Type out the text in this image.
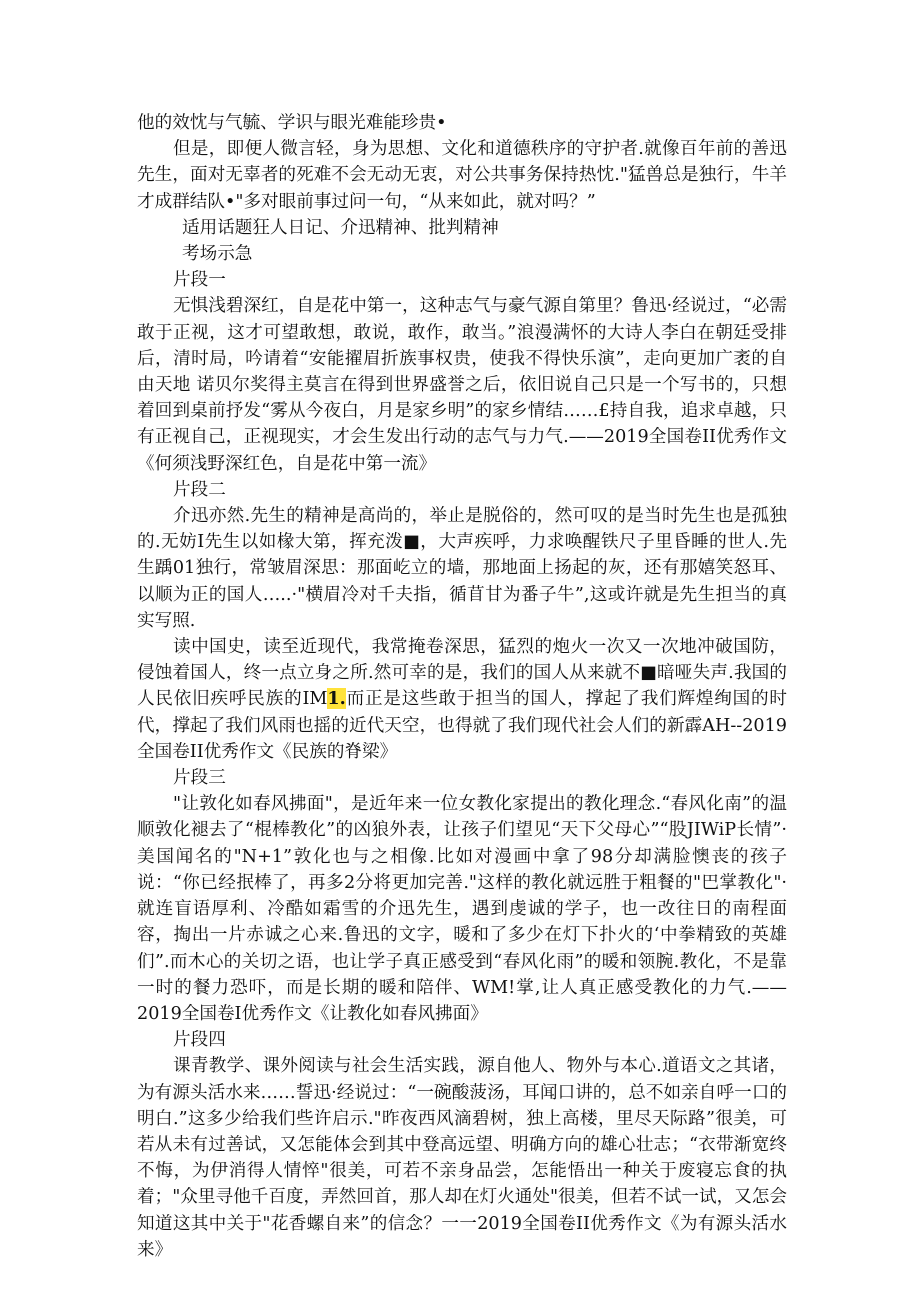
他的效忱与气毓、学识与眼光难能珍贵•

但是，即便人微言轻，身为思想、文化和道德秩序的守护者.就像百年前的善迅先生，面对无辜者的死难不会无动无衷，对公共事务保持热忱."猛兽总是独行，牛羊才成群结队•"多对眼前事过问一句，“从来如此，就对吗？”

适用话题狂人日记、介迅精神、批判精神

考场示急

片段一

无惧浅碧深红，自是花中第一，这种志气与豪气源自第里？鲁迅·经说过，“必需敢于正视，这才可望敢想，敢说，敢作，敢当。”浪漫满怀的大诗人李白在朝廷受排后，清时局，吟请着“安能擢眉折族事权贵，使我不得快乐演”，走向更加广袤的自由天地 诺贝尔奖得主莫言在得到世界盛誉之后，依旧说自己只是一个写书的，只想着回到桌前抒发“雾从今夜白，月是家乡明”的家乡情结……£持自我，追求卓越，只有正视自己，正视现实，才会生发出行动的志气与力气.——2019全国卷II优秀作文《何须浅野深红色，自是花中第一流》

片段二

介迅亦然.先生的精神是高尚的，举止是脱俗的，然可叹的是当时先生也是孤独的.无妨I先生以如椽大第，挥充泼■，大声疾呼，力求唤醒铁尺子里昏睡的世人.先生踽01独行，常皱眉深思：那面屹立的墙，那地面上扬起的灰，还有那嬉笑怒耳、以顺为正的国人…..·"横眉冷对千夫指，循苜甘为番子牛”,这或许就是先生担当的真实写照.

读中国史，读至近现代，我常掩卷深思，猛烈的炮火一次又一次地冲破国防，侵蚀着国人，终一点立身之所.然可幸的是，我们的国人从来就不■暗哑失声.我国的人民依旧疾呼民族的IM1.而正是这些敢于担当的国人，撑起了我们辉煌绚国的时代，撑起了我们风雨也摇的近代天空，也得就了我们现代社会人们的新霹AH--2019全国卷II优秀作文《民族的脊梁》

片段三

"让敦化如春风拂面"，是近年来一位女教化家提出的教化理念.“春风化南”的温顺敦化褪去了“棍棒教化”的凶狼外表，让孩子们望见“天下父母心”“股JIWiP长情”·美国闻名的"N+1”敦化也与之相像.比如对漫画中拿了98分却满脸懊丧的孩子说：“你已经抿棒了，再多2分将更加完善."这样的教化就远胜于粗餐的"巴掌教化"·就连盲语厚利、冷酷如霜雪的介迅先生，遇到虔诚的学子，也一改往日的南程面容，掏出一片赤诚之心来.鲁迅的文字，暖和了多少在灯下扑火的‘中拳精致的英雄们”.而木心的关切之语，也让学子真正感受到“春风化雨”的暖和领腕.教化，不是靠一时的餐力恐吓，而是长期的暖和陪伴、WM!掌,让人真正感受教化的力气.——2019全国卷I优秀作文《让教化如春风拂面》

片段四

课青教学、课外阅读与社会生活实践，源自他人、物外与本心.道语文之其诸，为有源头活水来……誓迅·经说过：“一碗酸菠汤，耳闻口讲的，总不如亲自呼一口的明白.”这多少给我们些许启示."昨夜西风滴碧树，独上高楼，里尽天际路”很美，可若从未有过善试，又怎能体会到其中登高远望、明确方向的雄心壮志；“衣带渐宽终不悔，为伊消得人情悴"很美，可若不亲身品尝，怎能悟出一种关于废寝忘食的执着；"众里寻他千百度，弄然回首，那人却在灯火通处"很美，但若不试一试，又怎会知道这其中关于"花香螺自来”的信念？一一2019全国卷II优秀作文《为有源头活水来》
